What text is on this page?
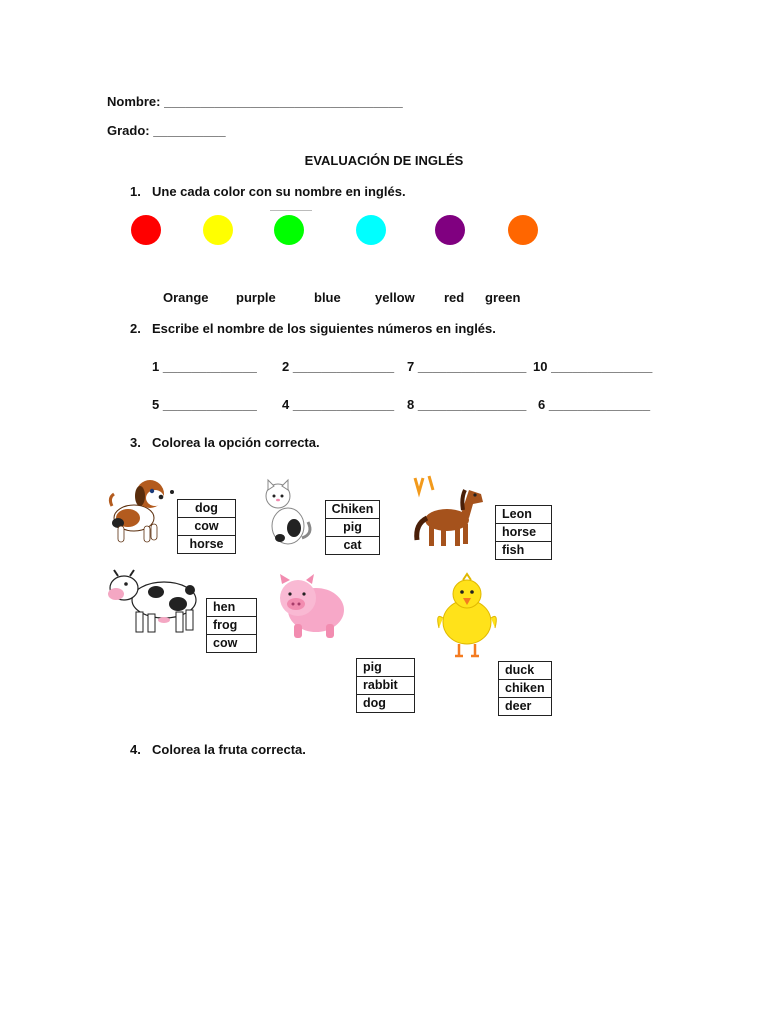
Nombre: _________________________________
Grado: __________
EVALUACIÓN DE INGLÉS
1. Une cada color con su nombre en inglés.
Orange purple	blue	yellow red green
2. Escribe el nombre de los siguientes números en inglés.
1 _____________ 2 ______________ 7 _______________ 10 ______________
5 _____________ 4 ______________ 8 _______________ 6 ______________
3. Colorea la opción correcta.
dog
cow
horse
Chiken
pig
cat
Leon
horse
fish
hen
frog
cow
pig
rabbit
dog
duck
chiken
deer
4. Colorea la fruta correcta.
